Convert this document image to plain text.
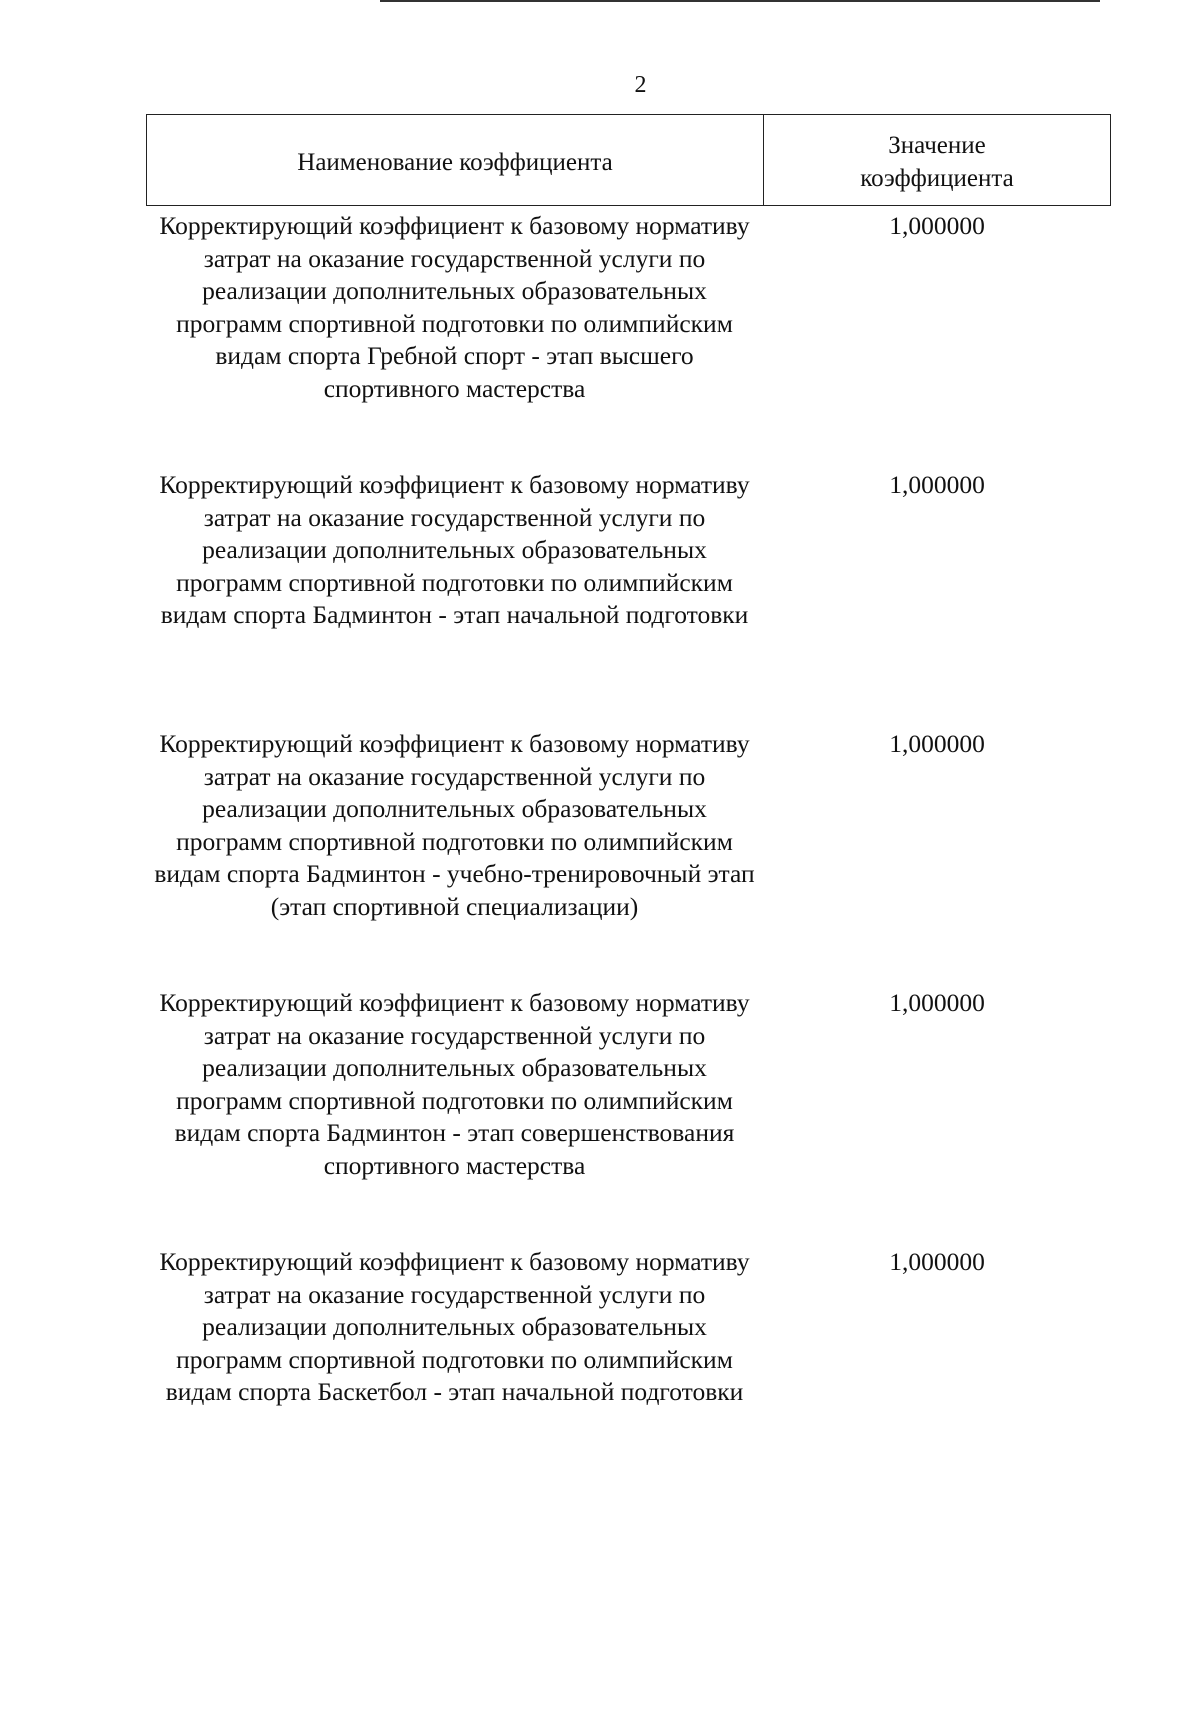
2
Наименование коэффициента
Значение коэффициента
Корректирующий коэффициент к базовому нормативу затрат на оказание государственной услуги по реализации дополнительных образовательных программ спортивной подготовки по олимпийским видам спорта Гребной спорт - этап высшего спортивного мастерства
1,000000
Корректирующий коэффициент к базовому нормативу затрат на оказание государственной услуги по реализации дополнительных образовательных программ спортивной подготовки по олимпийским видам спорта Бадминтон - этап начальной подготовки
1,000000
Корректирующий коэффициент к базовому нормативу затрат на оказание государственной услуги по реализации дополнительных образовательных программ спортивной подготовки по олимпийским видам спорта Бадминтон - учебно-тренировочный этап (этап спортивной специализации)
1,000000
Корректирующий коэффициент к базовому нормативу затрат на оказание государственной услуги по реализации дополнительных образовательных программ спортивной подготовки по олимпийским видам спорта Бадминтон - этап совершенствования спортивного мастерства
1,000000
Корректирующий коэффициент к базовому нормативу затрат на оказание государственной услуги по реализации дополнительных образовательных программ спортивной подготовки по олимпийским видам спорта Баскетбол - этап начальной подготовки
1,000000
